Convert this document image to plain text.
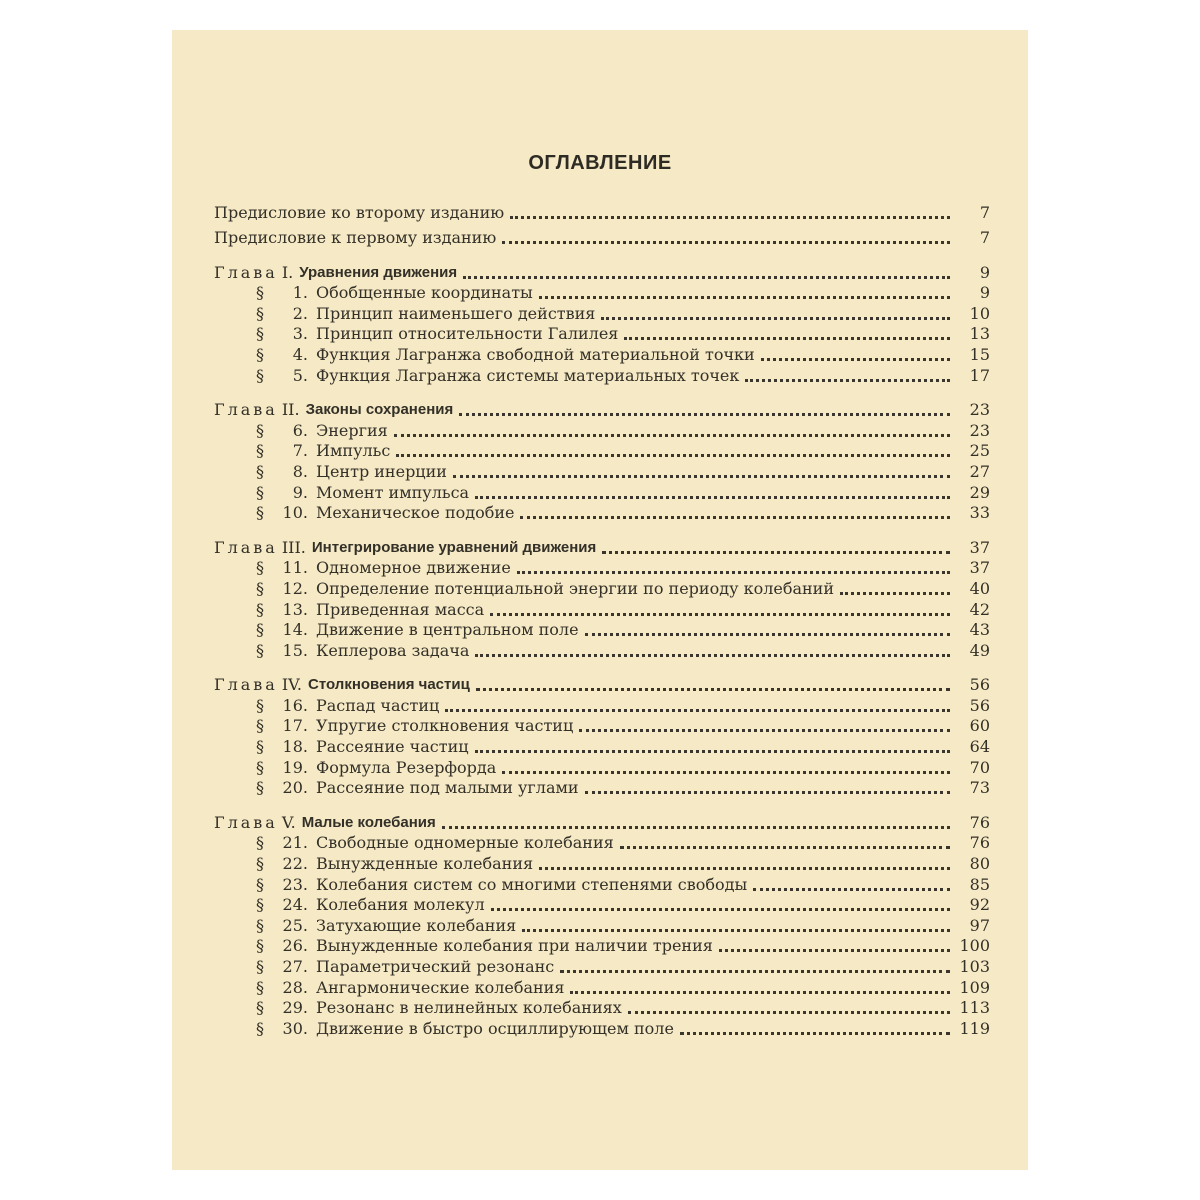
ОГЛАВЛЕНИЕ
Предисловие ко второму изданию	7
Предисловие к первому изданию	7
Глава I. Уравнения движения	9
§	1. Обобщенные координаты	9
§	2. Принцип наименьшего действия	10
§	3. Принцип относительности Галилея	13
§	4. Функция Лагранжа свободной материальной точки	15
§	5. Функция Лагранжа системы материальных точек	17
Глава II. Законы сохранения	23
§	6. Энергия	23
§	7. Импульс	25
§	8. Центр инерции	27
§	9. Момент импульса	29
§	10. Механическое подобие	33
Глава III. Интегрирование уравнений движения	37
§	11. Одномерное движение	37
§	12. Определение потенциальной энергии по периоду колебаний	40
§	13. Приведенная масса	42
§	14. Движение в центральном поле	43
§	15. Кеплерова задача	49
Глава IV. Столкновения частиц	56
§	16. Распад частиц	56
§	17. Упругие столкновения частиц	60
§	18. Рассеяние частиц	64
§	19. Формула Резерфорда	70
§	20. Рассеяние под малыми углами	73
Глава V. Малые колебания	76
§	21. Свободные одномерные колебания	76
§	22. Вынужденные колебания	80
§	23. Колебания систем со многими степенями свободы	85
§	24. Колебания молекул	92
§	25. Затухающие колебания	97
§	26. Вынужденные колебания при наличии трения	100
§	27. Параметрический резонанс	103
§	28. Ангармонические колебания	109
§	29. Резонанс в нелинейных колебаниях	113
§	30. Движение в быстро осциллирующем поле	119
